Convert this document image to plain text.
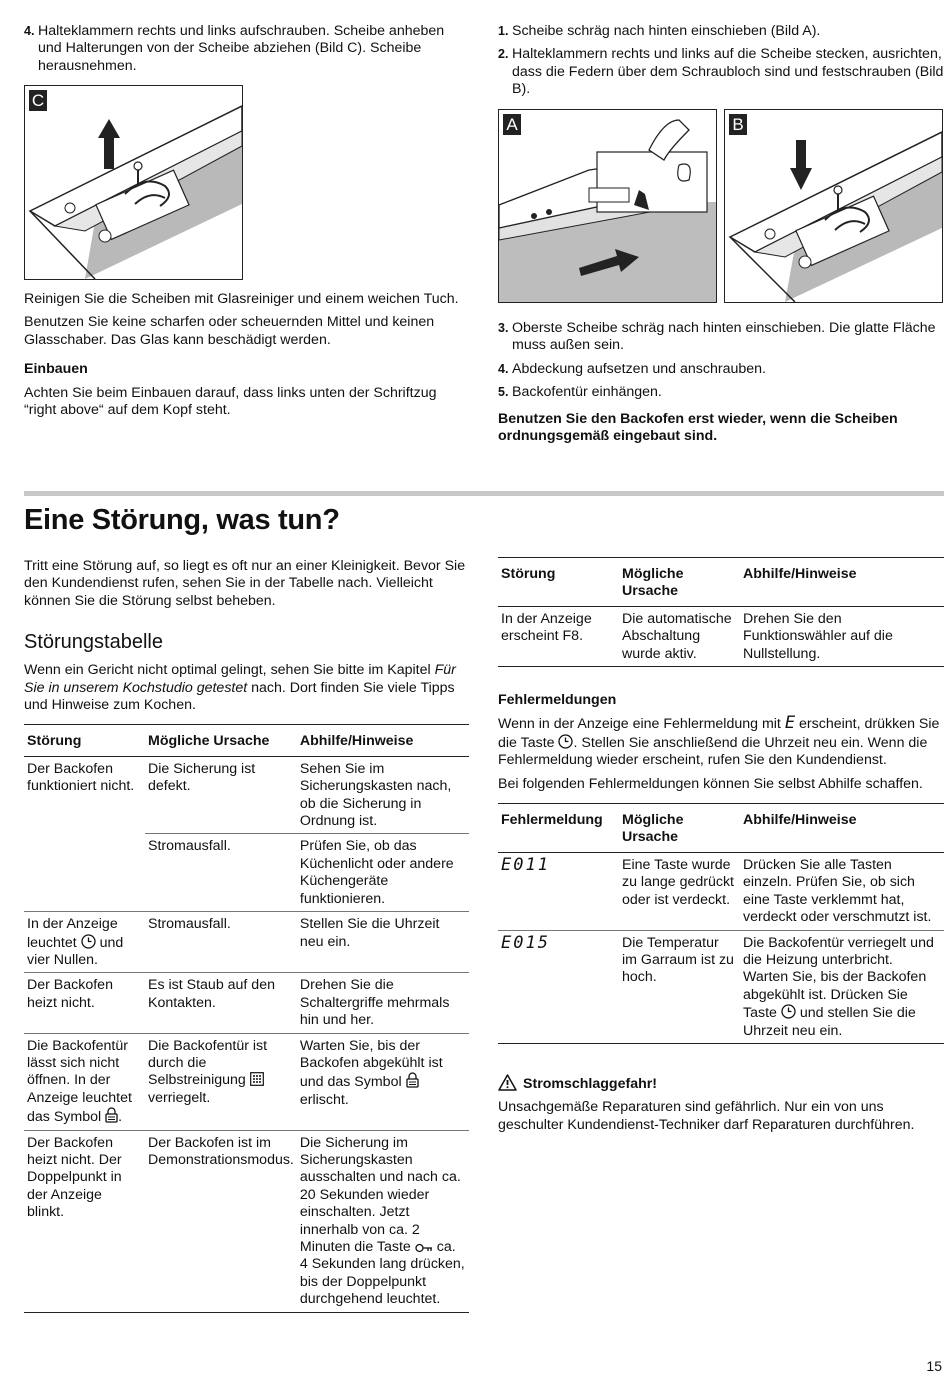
4. Halteklammern rechts und links aufschrauben. Scheibe anheben und Halterungen von der Scheibe abziehen (Bild C). Scheibe herausnehmen.

C

Reinigen Sie die Scheiben mit Glasreiniger und einem weichen Tuch.

Benutzen Sie keine scharfen oder scheuernden Mittel und keinen Glasschaber. Das Glas kann beschädigt werden.

Einbauen

Achten Sie beim Einbauen darauf, dass links unten der Schriftzug “right above“ auf dem Kopf steht.

1. Scheibe schräg nach hinten einschieben (Bild A).

2. Halteklammern rechts und links auf die Scheibe stecken, ausrichten, dass die Federn über dem Schraubloch sind und festschrauben (Bild B).

A	B
3. Oberste Scheibe schräg nach hinten einschieben. Die glatte Fläche muss außen sein.

4. Abdeckung aufsetzen und anschrauben.

5. Backofentür einhängen.

Benutzen Sie den Backofen erst wieder, wenn die Scheiben ordnungsgemäß eingebaut sind.

Eine Störung, was tun?

Tritt eine Störung auf, so liegt es oft nur an einer Kleinigkeit. Bevor Sie den Kundendienst rufen, sehen Sie in der Tabelle nach. Vielleicht können Sie die Störung selbst beheben.

Störungstabelle

Wenn ein Gericht nicht optimal gelingt, sehen Sie bitte im Kapitel Für Sie in unserem Kochstudio getestet nach. Dort finden Sie viele Tipps und Hinweise zum Kochen.

Störung	Mögliche Ursache	Abhilfe/Hinweise
Der Backofen funktioniert nicht.	Die Sicherung ist defekt.	Sehen Sie im Sicherungskasten nach, ob die Sicherung in Ordnung ist.
	Stromausfall.	Prüfen Sie, ob das Küchenlicht oder andere Küchengeräte funktionieren.
In der Anzeige leuchtet und vier Nullen.	Stromausfall.	Stellen Sie die Uhrzeit neu ein.
Der Backofen heizt nicht.	Es ist Staub auf den Kontakten.	Drehen Sie die Schaltergriffe mehrmals hin und her.
Die Backofentür lässt sich nicht öffnen. In der Anzeige leuchtet das Symbol .	Die Backofentür ist durch die Selbstreinigung  verriegelt.	Warten Sie, bis der Backofen abgekühlt ist und das Symbol  erlischt.
Der Backofen heizt nicht. Der Doppelpunkt in der Anzeige blinkt.	Der Backofen ist im Demonstrationsmodus.	Die Sicherung im Sicherungskasten ausschalten und nach ca. 20 Sekunden wieder einschalten. Jetzt innerhalb von ca. 2 Minuten die Taste ca. 4 Sekunden lang drücken, bis der Doppelpunkt durchgehend leuchtet.
Störung	Mögliche Ursache	Abhilfe/Hinweise
In der Anzeige erscheint F8.	Die automatische Abschaltung wurde aktiv.	Drehen Sie den Funktionswähler auf die Nullstellung.
Fehlermeldungen

Wenn in der Anzeige eine Fehlermeldung mit E erscheint, drükken Sie die Taste . Stellen Sie anschließend die Uhrzeit neu ein. Wenn die Fehlermeldung wieder erscheint, rufen Sie den Kundendienst.

Bei folgenden Fehlermeldungen können Sie selbst Abhilfe schaffen.

Fehlermeldung	Mögliche Ursache	Abhilfe/Hinweise
E011	Eine Taste wurde zu lange gedrückt oder ist verdeckt.	Drücken Sie alle Tasten einzeln. Prüfen Sie, ob sich eine Taste verklemmt hat, verdeckt oder verschmutzt ist.
E015	Die Temperatur im Garraum ist zu hoch.	Die Backofentür verriegelt und die Heizung unterbricht. Warten Sie, bis der Backofen abgekühlt ist. Drücken Sie Taste und stellen Sie die Uhrzeit neu ein.
Stromschlaggefahr!

Unsachgemäße Reparaturen sind gefährlich. Nur ein von uns geschulter Kundendienst-Techniker darf Reparaturen durchführen.

15
